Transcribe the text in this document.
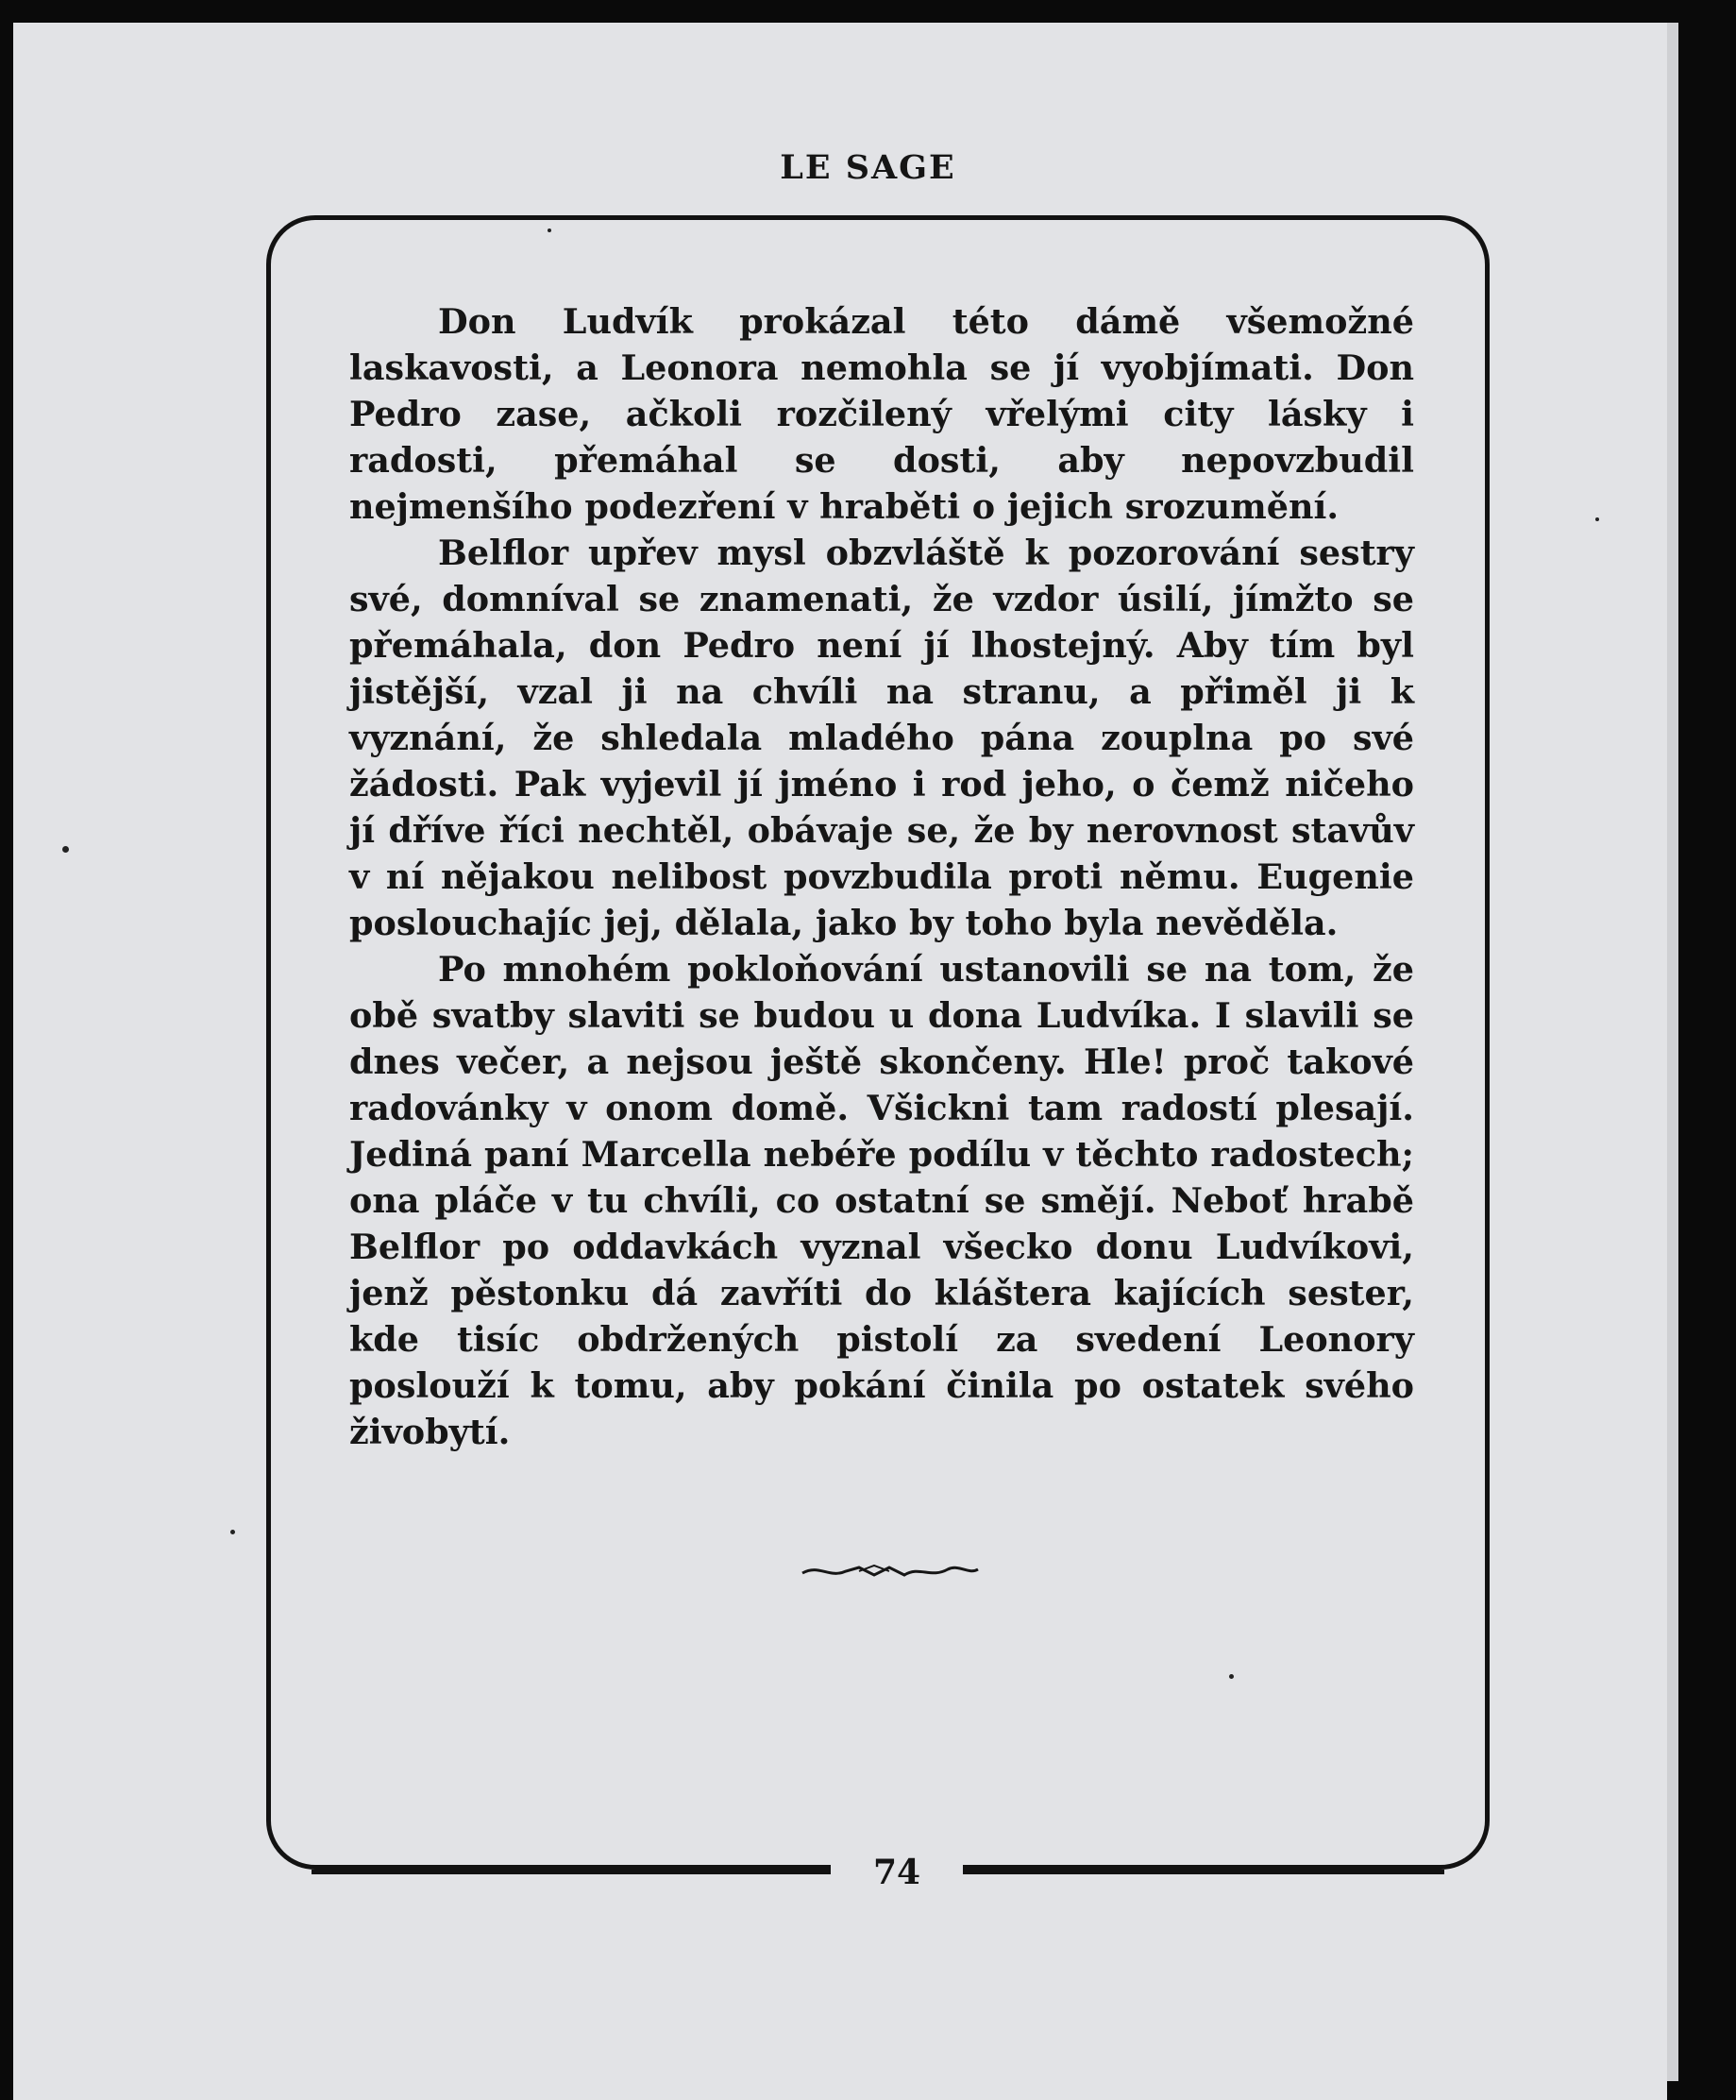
LE SAGE

Don Ludvík prokázal této dámě všemožné laskavosti, a Leonora nemohla se jí vyobjímati. Don Pedro zase, ačkoli rozčilený vřelými city lásky i radosti, přemáhal se dosti, aby nepovzbudil nejmenšího podezření v hraběti o jejich srozumění.

Belflor upřev mysl obzvláště k pozorování sestry své, domníval se znamenati, že vzdor úsilí, jímžto se přemáhala, don Pedro není jí lhostejný. Aby tím byl jistější, vzal ji na chvíli na stranu, a přiměl ji k vyznání, že shledala mladého pána zouplna po své žádosti. Pak vyjevil jí jméno i rod jeho, o čemž ničeho jí dříve říci nechtěl, obávaje se, že by nerovnost stavův v ní nějakou nelibost povzbudila proti němu. Eugenie poslouchajíc jej, dělala, jako by toho byla nevěděla.

Po mnohém pokloňování ustanovili se na tom, že obě svatby slaviti se budou u dona Ludvíka. I slavili se dnes večer, a nejsou ještě skončeny. Hle! proč takové radovánky v onom domě. Všickni tam radostí plesají. Jediná paní Marcella nebéře podílu v těchto radostech; ona pláče v tu chvíli, co ostatní se smějí. Neboť hrabě Belflor po oddavkách vyznal všecko donu Ludvíkovi, jenž pěstonku dá zavříti do kláštera kajících sester, kde tisíc obdržených pistolí za svedení Leonory poslouží k tomu, aby pokání činila po ostatek svého živobytí.

74
